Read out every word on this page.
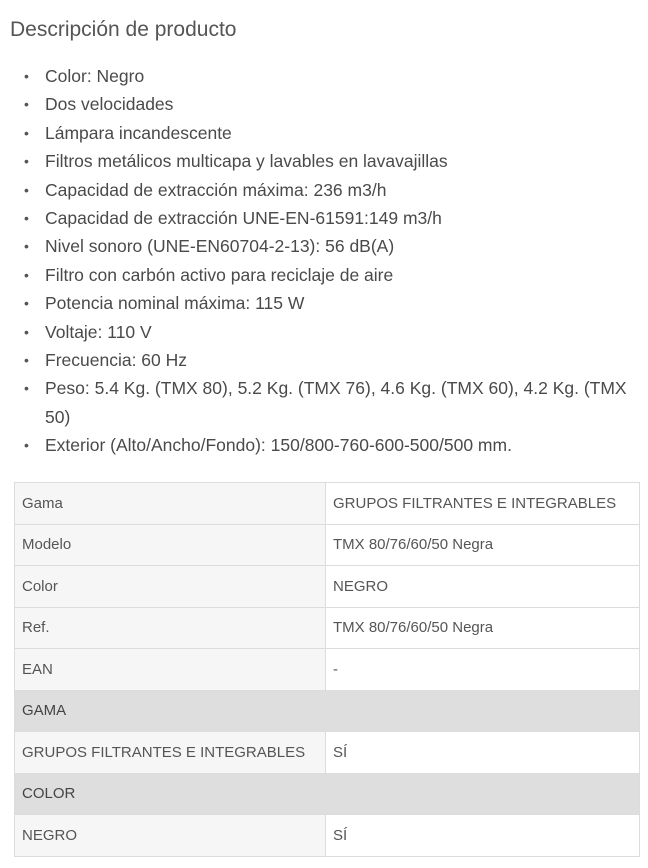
Descripción de producto
• Color: Negro
• Dos velocidades
• Lámpara incandescente
• Filtros metálicos multicapa y lavables en lavavajillas
• Capacidad de extracción máxima: 236 m3/h
• Capacidad de extracción UNE-EN-61591:149 m3/h
• Nivel sonoro (UNE-EN60704-2-13): 56 dB(A)
• Filtro con carbón activo para reciclaje de aire
• Potencia nominal máxima: 115 W
• Voltaje: 110 V
• Frecuencia: 60 Hz
• Peso: 5.4 Kg. (TMX 80), 5.2 Kg. (TMX 76), 4.6 Kg. (TMX 60), 4.2 Kg. (TMX 50)
• Exterior (Alto/Ancho/Fondo): 150/800-760-600-500/500 mm.
Gama	GRUPOS FILTRANTES E INTEGRABLES
Modelo	TMX 80/76/60/50 Negra
Color	NEGRO
Ref.	TMX 80/76/60/50 Negra
EAN	-
GAMA	
GRUPOS FILTRANTES E INTEGRABLES	SÍ
COLOR	
NEGRO	SÍ
